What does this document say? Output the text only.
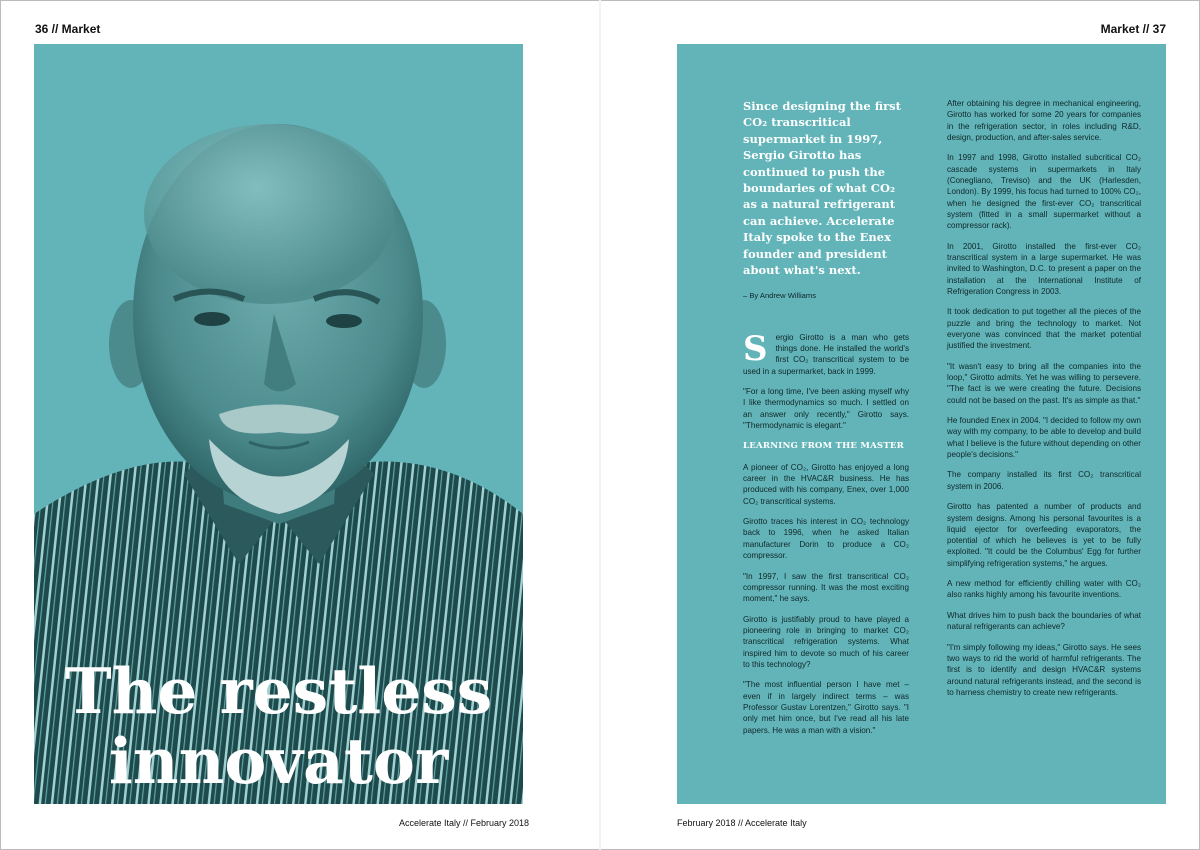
36 // Market	Market // 37
The restless
innovator
Accelerate Italy // February 2018	February 2018 // Accelerate Italy
Since designing the first CO₂ transcritical supermarket in 1997, Sergio Girotto has continued to push the boundaries of what CO₂ as a natural refrigerant can achieve. Accelerate Italy spoke to the Enex founder and president about what's next.
– By Andrew Williams

Sergio Girotto is a man who gets things done. He installed the world's first CO₂ transcritical system to be used in a supermarket, back in 1999.

"For a long time, I've been asking myself why I like thermodynamics so much. I settled on an answer only recently," Girotto says. "Thermodynamic is elegant."

LEARNING FROM THE MASTER

A pioneer of CO₂, Girotto has enjoyed a long career in the HVAC&R business. He has produced with his company, Enex, over 1,000 CO₂ transcritical systems.

Girotto traces his interest in CO₂ technology back to 1996, when he asked Italian manufacturer Dorin to produce a CO₂ compressor.

"In 1997, I saw the first transcritical CO₂ compressor running. It was the most exciting moment," he says.

Girotto is justifiably proud to have played a pioneering role in bringing to market CO₂ transcritical refrigeration systems. What inspired him to devote so much of his career to this technology?

"The most influential person I have met – even if in largely indirect terms – was Professor Gustav Lorentzen," Girotto says. "I only met him once, but I've read all his late papers. He was a man with a vision."

After obtaining his degree in mechanical engineering, Girotto has worked for some 20 years for companies in the refrigeration sector, in roles including R&D, design, production, and after-sales service.

In 1997 and 1998, Girotto installed subcritical CO₂ cascade systems in supermarkets in Italy (Conegliano, Treviso) and the UK (Harlesden, London). By 1999, his focus had turned to 100% CO₂, when he designed the first-ever CO₂ transcritical system (fitted in a small supermarket without a compressor rack).

In 2001, Girotto installed the first-ever CO₂ transcritical system in a large supermarket. He was invited to Washington, D.C. to present a paper on the installation at the International Institute of Refrigeration Congress in 2003.

It took dedication to put together all the pieces of the puzzle and bring the technology to market. Not everyone was convinced that the market potential justified the investment.

"It wasn't easy to bring all the companies into the loop," Girotto admits. Yet he was willing to persevere. "The fact is we were creating the future. Decisions could not be based on the past. It's as simple as that."

He founded Enex in 2004. "I decided to follow my own way with my company, to be able to develop and build what I believe is the future without depending on other people's decisions."

The company installed its first CO₂ transcritical system in 2006.

Girotto has patented a number of products and system designs. Among his personal favourites is a liquid ejector for overfeeding evaporators, the potential of which he believes is yet to be fully exploited. "It could be the Columbus' Egg for further simplifying refrigeration systems," he argues.

A new method for efficiently chilling water with CO₂ also ranks highly among his favourite inventions.

What drives him to push back the boundaries of what natural refrigerants can achieve?

"I'm simply following my ideas," Girotto says. He sees two ways to rid the world of harmful refrigerants. The first is to identify and design HVAC&R systems around natural refrigerants instead, and the second is to harness chemistry to create new refrigerants.
